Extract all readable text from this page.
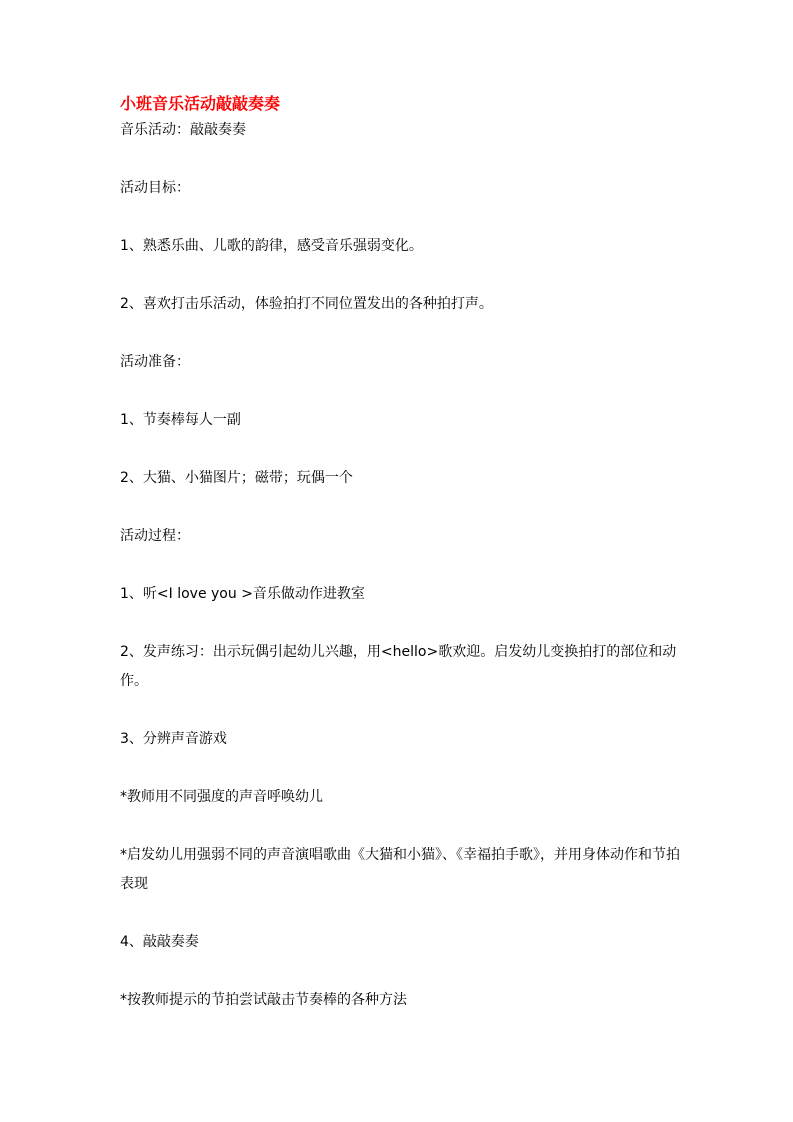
小班音乐活动敲敲奏奏

音乐活动：敲敲奏奏

活动目标：

1、熟悉乐曲、儿歌的韵律，感受音乐强弱变化。

2、喜欢打击乐活动，体验拍打不同位置发出的各种拍打声。

活动准备：

1、节奏棒每人一副

2、大猫、小猫图片；磁带；玩偶一个

活动过程：

1、听<I love you >音乐做动作进教室

2、发声练习：出示玩偶引起幼儿兴趣，用<hello>歌欢迎。启发幼儿变换拍打的部位和动作。

3、分辨声音游戏

*教师用不同强度的声音呼唤幼儿

*启发幼儿用强弱不同的声音演唱歌曲《大猫和小猫》、《幸福拍手歌》，并用身体动作和节拍表现

4、敲敲奏奏

*按教师提示的节拍尝试敲击节奏棒的各种方法
